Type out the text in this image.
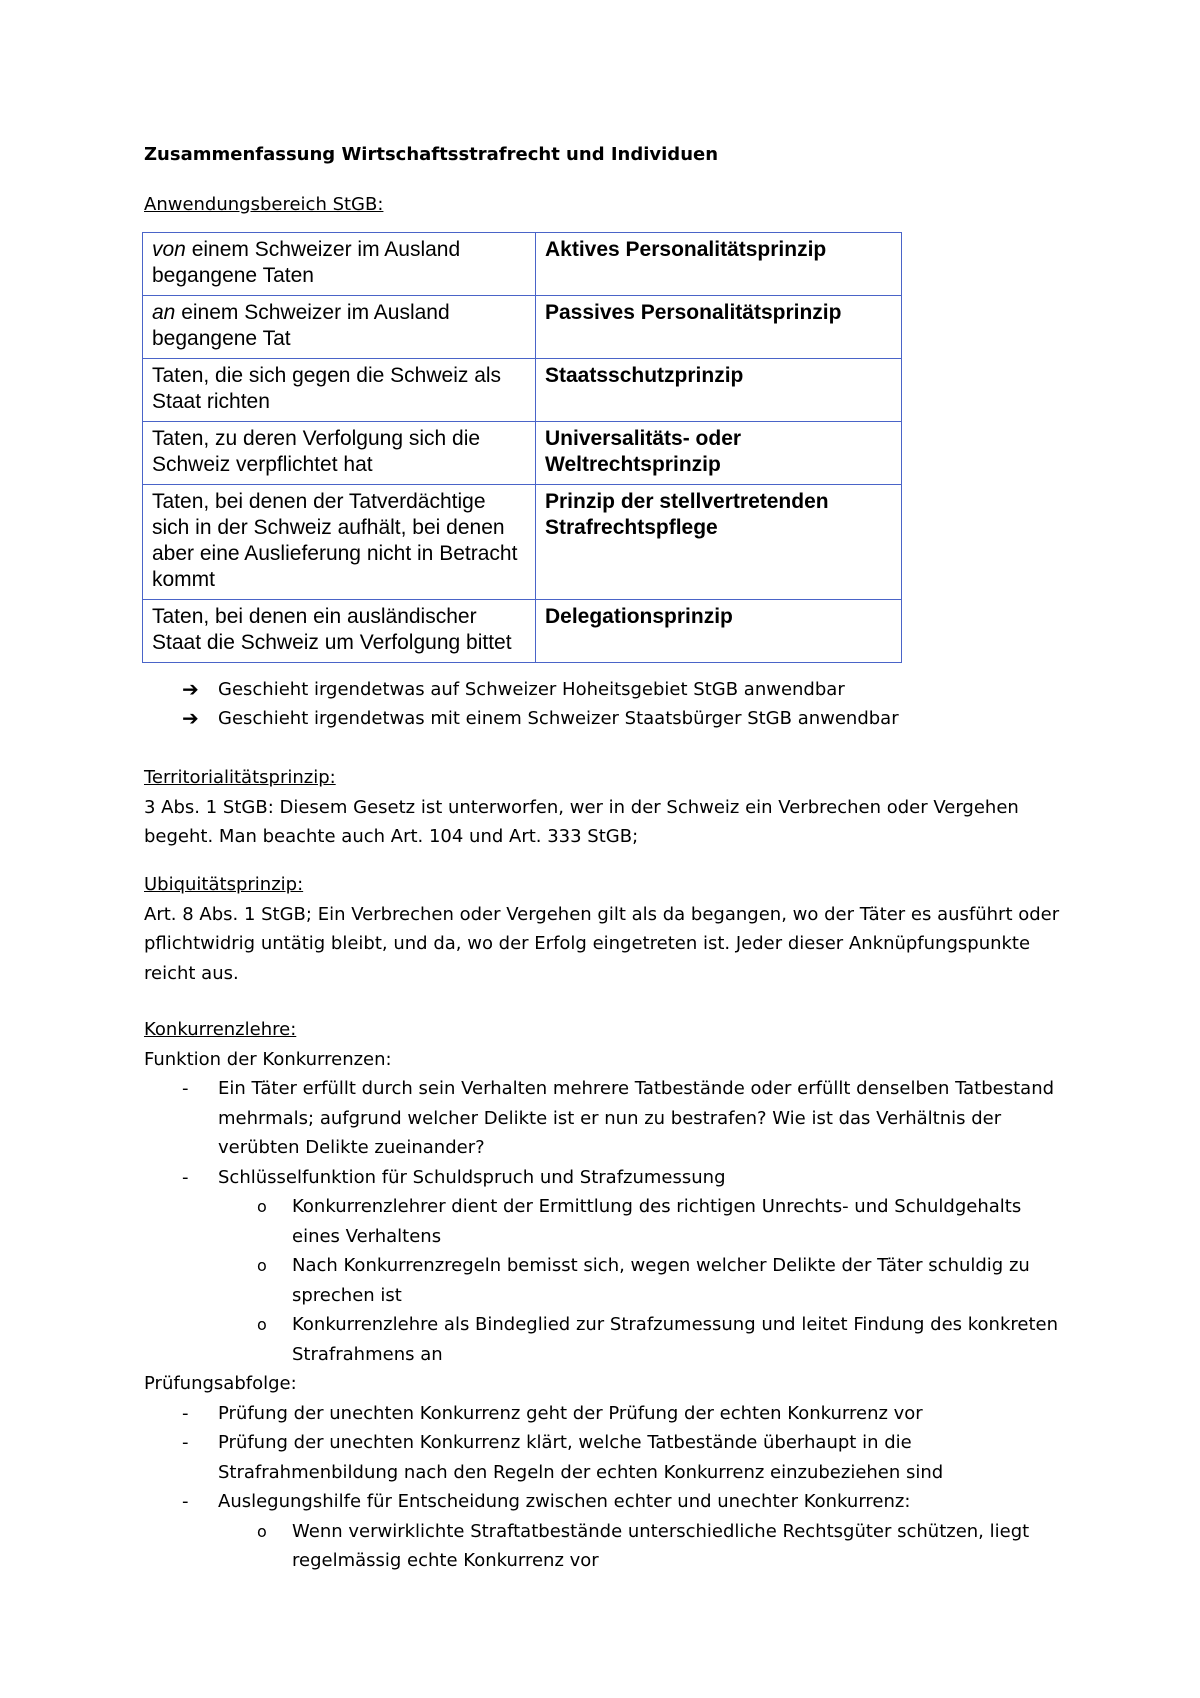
Zusammenfassung Wirtschaftsstrafrecht und Individuen
Anwendungsbereich StGB:
von einem Schweizer im Ausland begangene Taten	Aktives Personalitätsprinzip
an einem Schweizer im Ausland begangene Tat	Passives Personalitätsprinzip
Taten, die sich gegen die Schweiz als Staat richten	Staatsschutzprinzip
Taten, zu deren Verfolgung sich die Schweiz verpflichtet hat	Universalitäts- oder Weltrechtsprinzip
Taten, bei denen der Tatverdächtige sich in der Schweiz aufhält, bei denen aber eine Auslieferung nicht in Betracht kommt	Prinzip der stellvertretenden Strafrechtspflege
Taten, bei denen ein ausländischer Staat die Schweiz um Verfolgung bittet	Delegationsprinzip
➔ Geschieht irgendetwas auf Schweizer Hoheitsgebiet StGB anwendbar
➔ Geschieht irgendetwas mit einem Schweizer Staatsbürger StGB anwendbar
Territorialitätsprinzip:
3 Abs. 1 StGB: Diesem Gesetz ist unterworfen, wer in der Schweiz ein Verbrechen oder Vergehen begeht. Man beachte auch Art. 104 und Art. 333 StGB;
Ubiquitätsprinzip:
Art. 8 Abs. 1 StGB; Ein Verbrechen oder Vergehen gilt als da begangen, wo der Täter es ausführt oder pflichtwidrig untätig bleibt, und da, wo der Erfolg eingetreten ist. Jeder dieser Anknüpfungspunkte reicht aus.
Konkurrenzlehre:
Funktion der Konkurrenzen:
- Ein Täter erfüllt durch sein Verhalten mehrere Tatbestände oder erfüllt denselben Tatbestand mehrmals; aufgrund welcher Delikte ist er nun zu bestrafen? Wie ist das Verhältnis der verübten Delikte zueinander?
- Schlüsselfunktion für Schuldspruch und Strafzumessung
o Konkurrenzlehrer dient der Ermittlung des richtigen Unrechts- und Schuldgehalts eines Verhaltens
o Nach Konkurrenzregeln bemisst sich, wegen welcher Delikte der Täter schuldig zu sprechen ist
o Konkurrenzlehre als Bindeglied zur Strafzumessung und leitet Findung des konkreten Strafrahmens an
Prüfungsabfolge:
- Prüfung der unechten Konkurrenz geht der Prüfung der echten Konkurrenz vor
- Prüfung der unechten Konkurrenz klärt, welche Tatbestände überhaupt in die Strafrahmenbildung nach den Regeln der echten Konkurrenz einzubeziehen sind
- Auslegungshilfe für Entscheidung zwischen echter und unechter Konkurrenz:
o Wenn verwirklichte Straftatbestände unterschiedliche Rechtsgüter schützen, liegt regelmässig echte Konkurrenz vor
